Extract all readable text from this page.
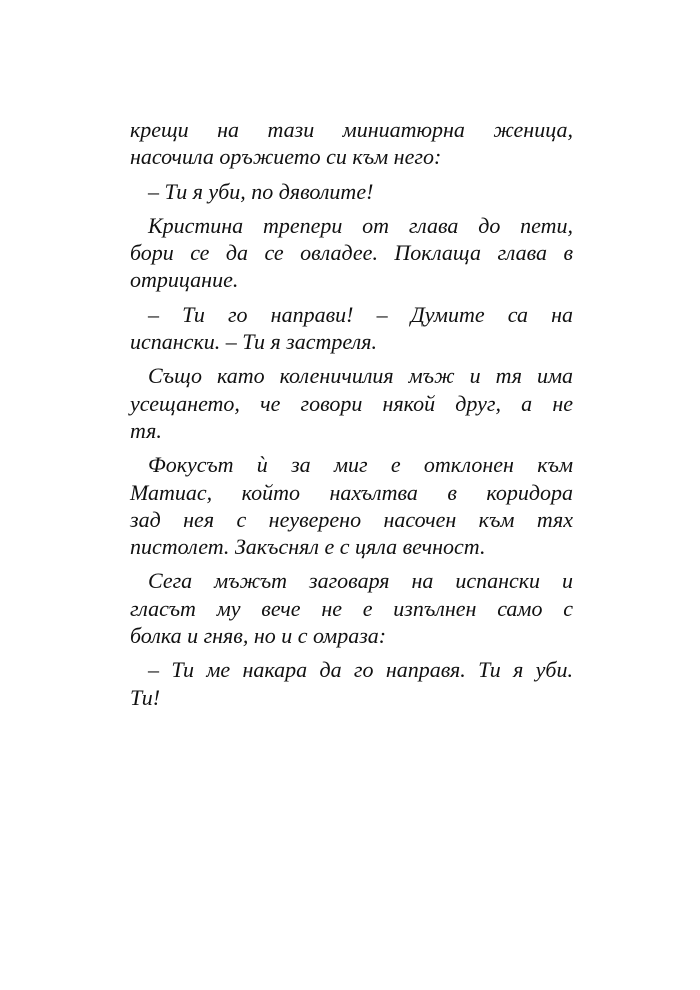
крещи на тази миниатюрна женица,
насочила оръжието си към него:
– Ти я уби, по дяволите!
Кристина трепери от глава до пети,
бори се да се овладее. Поклаща глава в
отрицание.
– Ти го направи! – Думите са на
испански. – Ти я застреля.
Също като коленичилия мъж и тя има
усещането, че говори някой друг, а не
тя.
Фокусът ѝ за миг е отклонен към
Матиас, който нахълтва в коридора
зад нея с неуверено насочен към тях
пистолет. Закъснял е с цяла вечност.
Сега мъжът заговаря на испански и
гласът му вече не е изпълнен само с
болка и гняв, но и с омраза:
– Ти ме накара да го направя. Ти я уби.
Ти!
